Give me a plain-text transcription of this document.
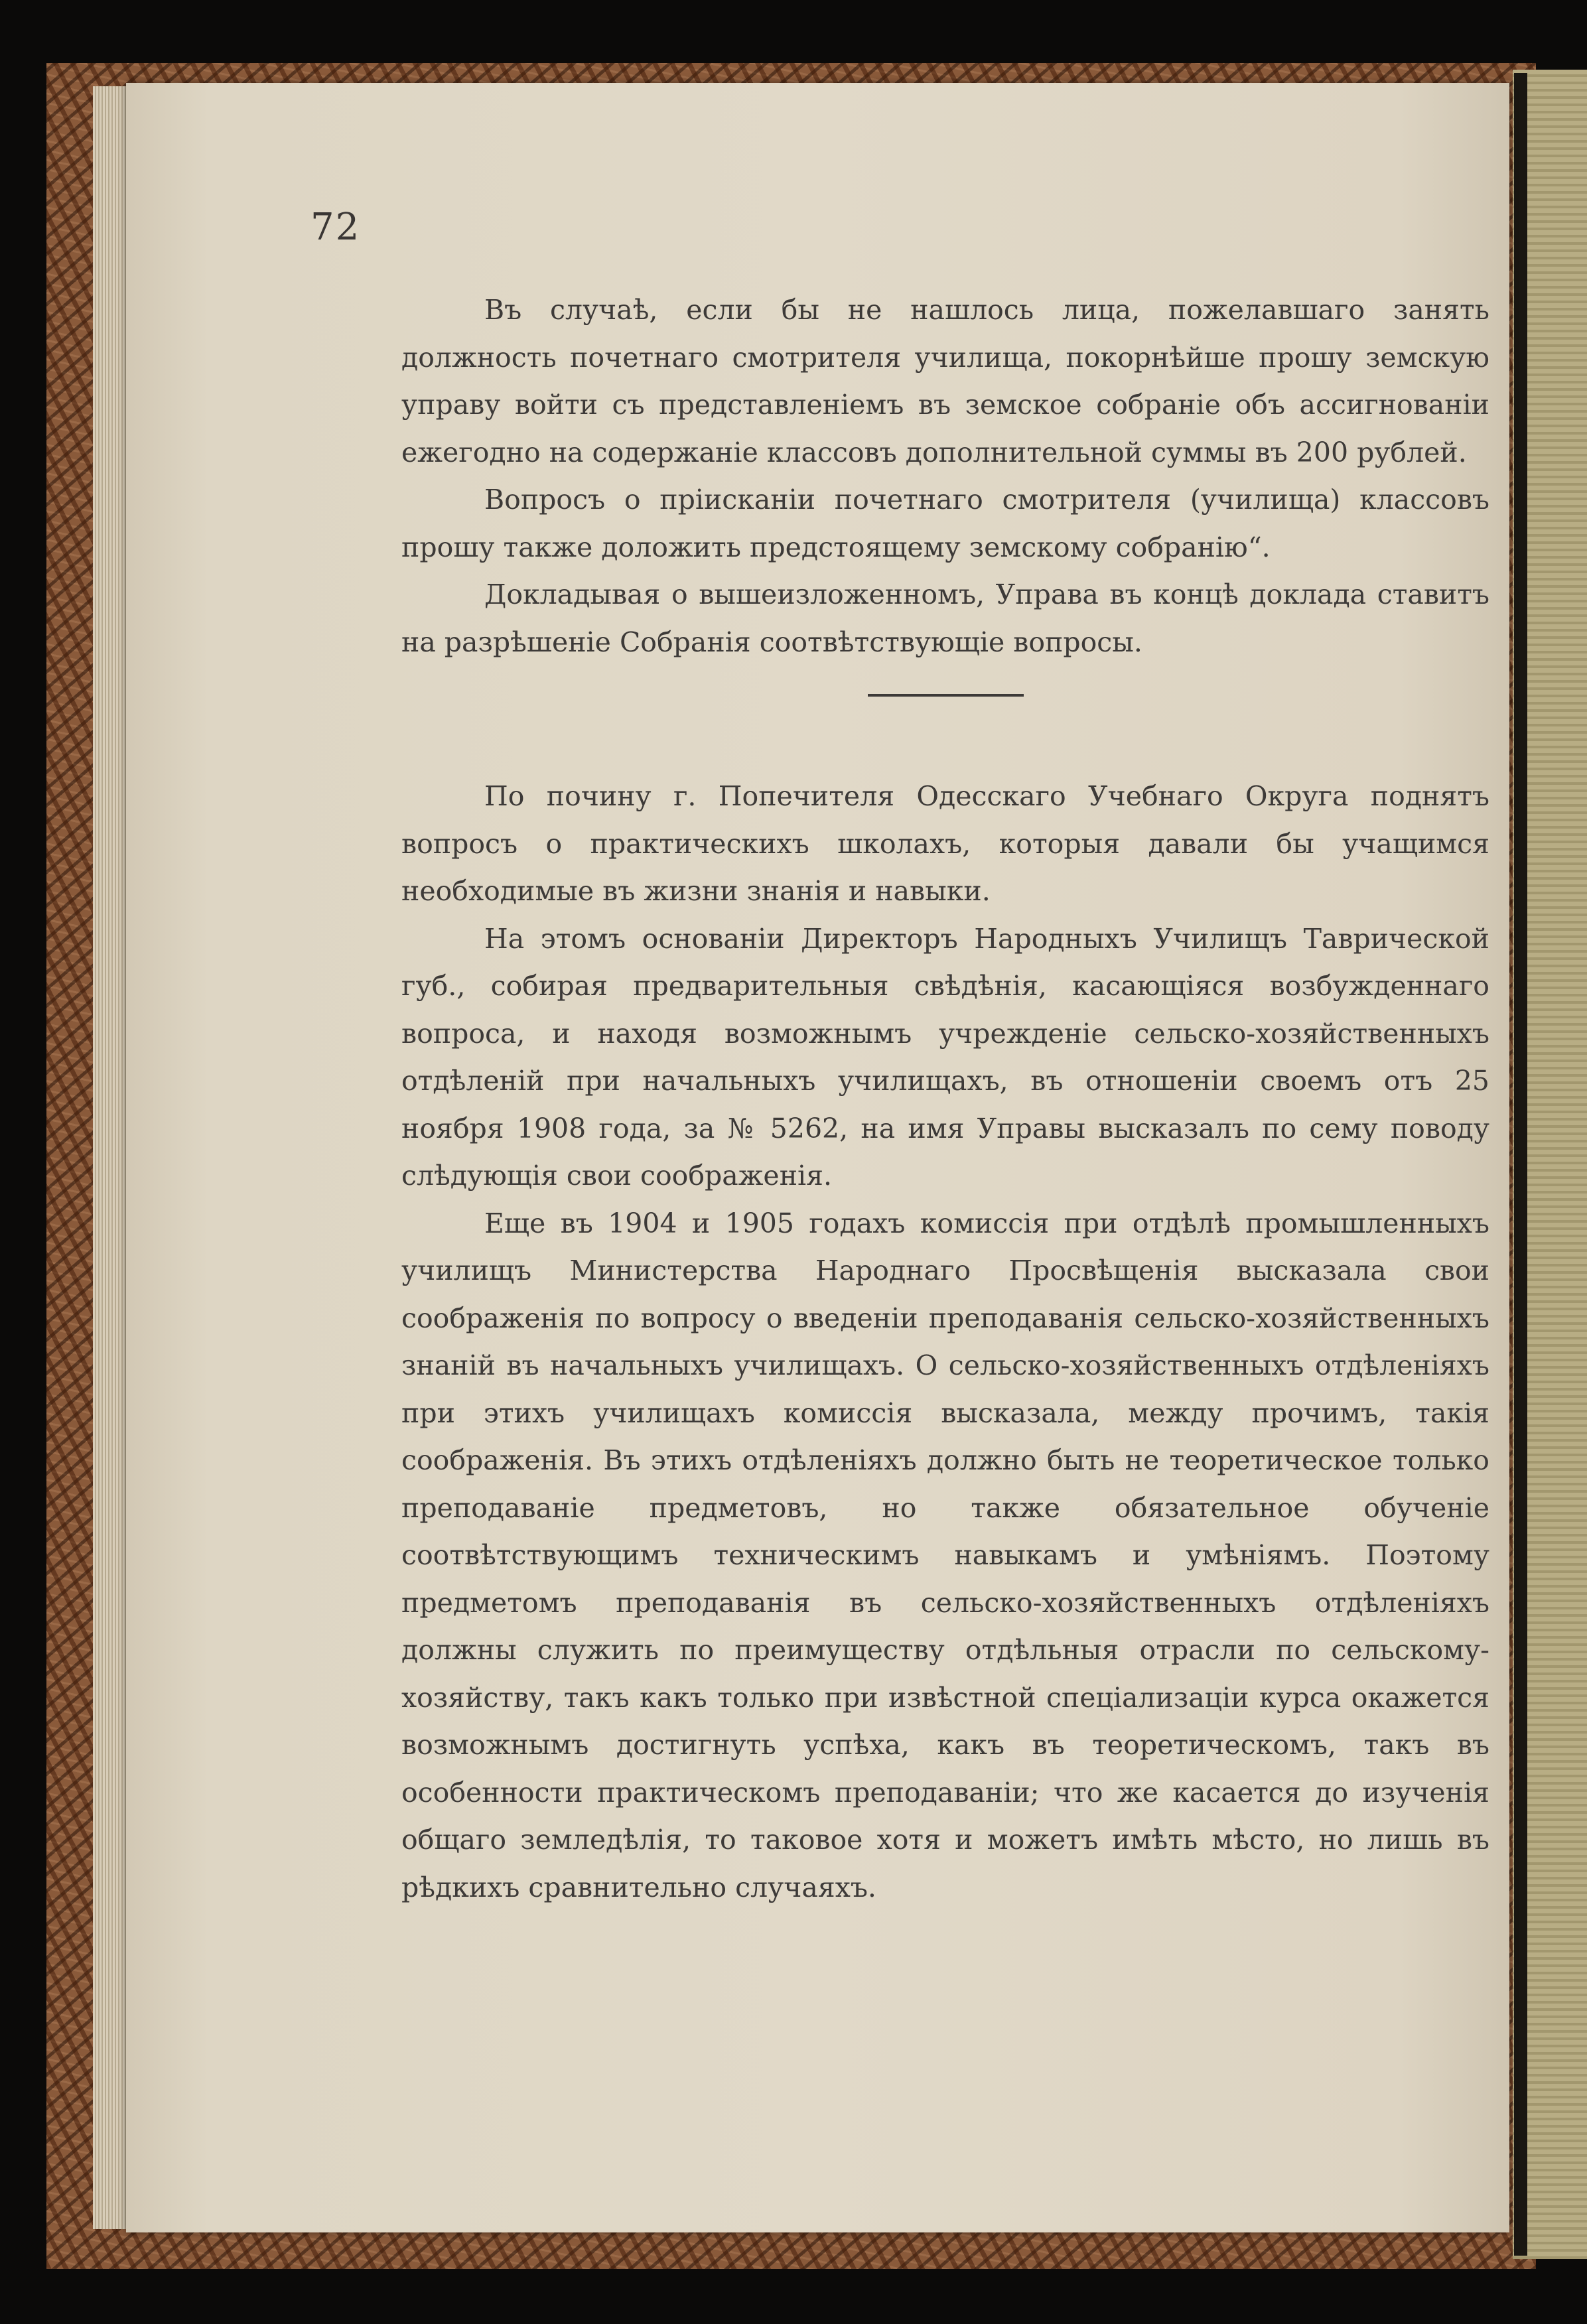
72

Въ случаѣ, если бы не нашлось лица, пожелавшаго занять должность почетнаго смотрителя училища, покорнѣйше прошу земскую управу войти съ представленіемъ въ земское собраніе объ ассигнованіи ежегодно на содержаніе классовъ дополнительной суммы въ 200 рублей.

Вопросъ о пріисканіи почетнаго смотрителя (училища) классовъ прошу также доложить предстоящему земскому собранію“.

Докладывая о вышеизложенномъ, Управа въ концѣ доклада ставитъ на разрѣшеніе Собранія соотвѣтствующіе вопросы.

По почину г. Попечителя Одесскаго Учебнаго Округа поднятъ вопросъ о практическихъ школахъ, которыя давали бы учащимся необходимые въ жизни знанія и навыки.

На этомъ основаніи Директоръ Народныхъ Училищъ Таврической губ., собирая предварительныя свѣдѣнія, касающіяся возбужденнаго вопроса, и находя возможнымъ учрежденіе сельско-хозяйственныхъ отдѣленій при начальныхъ училищахъ, въ отношеніи своемъ отъ 25 ноября 1908 года, за № 5262, на имя Управы высказалъ по сему поводу слѣдующія свои соображенія.

Еще въ 1904 и 1905 годахъ комиссія при отдѣлѣ промышленныхъ училищъ Министерства Народнаго Просвѣщенія высказала свои соображенія по вопросу о введеніи преподаванія сельско-хозяйственныхъ знаній въ начальныхъ училищахъ. О сельско-хозяйственныхъ отдѣленіяхъ при этихъ училищахъ комиссія высказала, между прочимъ, такія соображенія. Въ этихъ отдѣленіяхъ должно быть не теоретическое только преподаваніе предметовъ, но также обязательное обученіе соотвѣтствующимъ техническимъ навыкамъ и умѣніямъ. Поэтому предметомъ преподаванія въ сельско-хозяйственныхъ отдѣленіяхъ должны служить по преимуществу отдѣльныя отрасли по сельскому-хозяйству, такъ какъ только при извѣстной спеціализаціи курса окажется возможнымъ достигнуть успѣха, какъ въ теоретическомъ, такъ въ особенности практическомъ преподаваніи; что же касается до изученія общаго земледѣлія, то таковое хотя и можетъ имѣть мѣсто, но лишь въ рѣдкихъ сравнительно случаяхъ.
